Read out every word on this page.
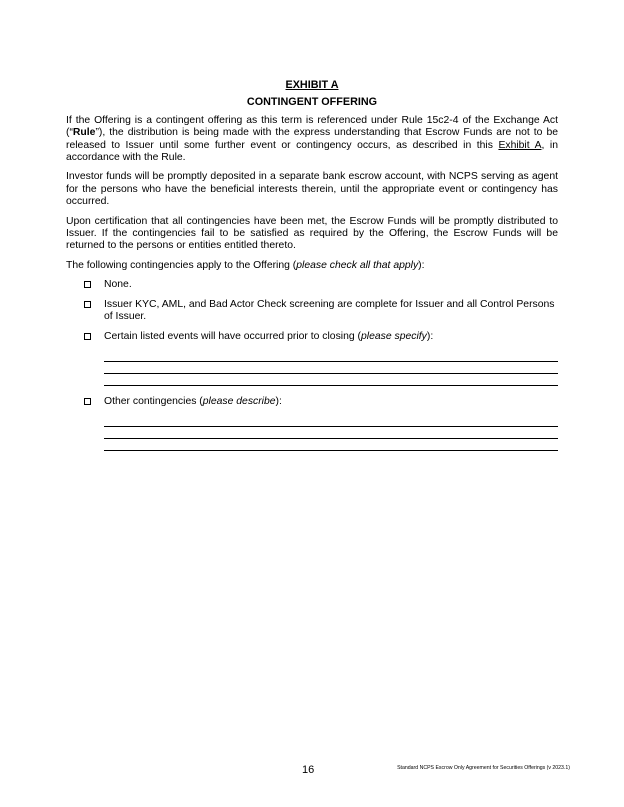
EXHIBIT A
CONTINGENT OFFERING

If the Offering is a contingent offering as this term is referenced under Rule 15c2-4 of the Exchange Act (“Rule”), the distribution is being made with the express understanding that Escrow Funds are not to be released to Issuer until some further event or contingency occurs, as described in this Exhibit A, in accordance with the Rule.

Investor funds will be promptly deposited in a separate bank escrow account, with NCPS serving as agent for the persons who have the beneficial interests therein, until the appropriate event or contingency has occurred.

Upon certification that all contingencies have been met, the Escrow Funds will be promptly distributed to Issuer. If the contingencies fail to be satisfied as required by the Offering, the Escrow Funds will be returned to the persons or entities entitled thereto.

The following contingencies apply to the Offering (please check all that apply):

None.
Issuer KYC, AML, and Bad Actor Check screening are complete for Issuer and all Control Persons of Issuer.
Certain listed events will have occurred prior to closing (please specify):
Other contingencies (please describe):
16	Standard NCPS Escrow Only Agreement for Securities Offerings (v 2023.1)
